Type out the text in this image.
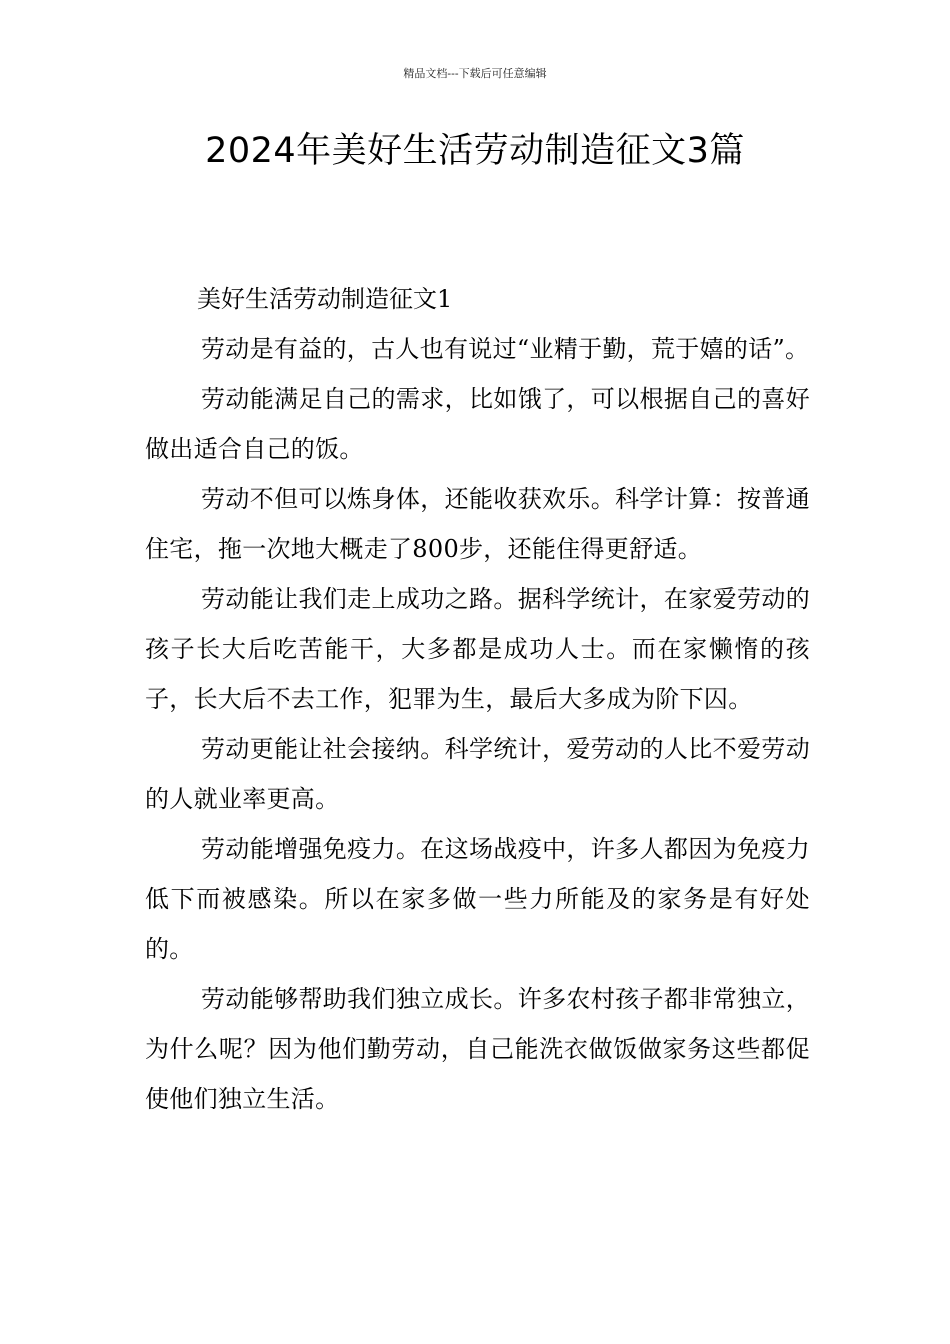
精品文档---下载后可任意编辑
2024年美好生活劳动制造征文3篇

美好生活劳动制造征文1

劳动是有益的，古人也有说过“业精于勤，荒于嬉的话”。

劳动能满足自己的需求，比如饿了，可以根据自己的喜好做出适合自己的饭。

劳动不但可以炼身体，还能收获欢乐。科学计算：按普通住宅，拖一次地大概走了800步，还能住得更舒适。

劳动能让我们走上成功之路。据科学统计，在家爱劳动的孩子长大后吃苦能干，大多都是成功人士。而在家懒惰的孩子，长大后不去工作，犯罪为生，最后大多成为阶下囚。

劳动更能让社会接纳。科学统计，爱劳动的人比不爱劳动的人就业率更高。

劳动能增强免疫力。在这场战疫中，许多人都因为免疫力低下而被感染。所以在家多做一些力所能及的家务是有好处的。

劳动能够帮助我们独立成长。许多农村孩子都非常独立，为什么呢？因为他们勤劳动，自己能洗衣做饭做家务这些都促使他们独立生活。
